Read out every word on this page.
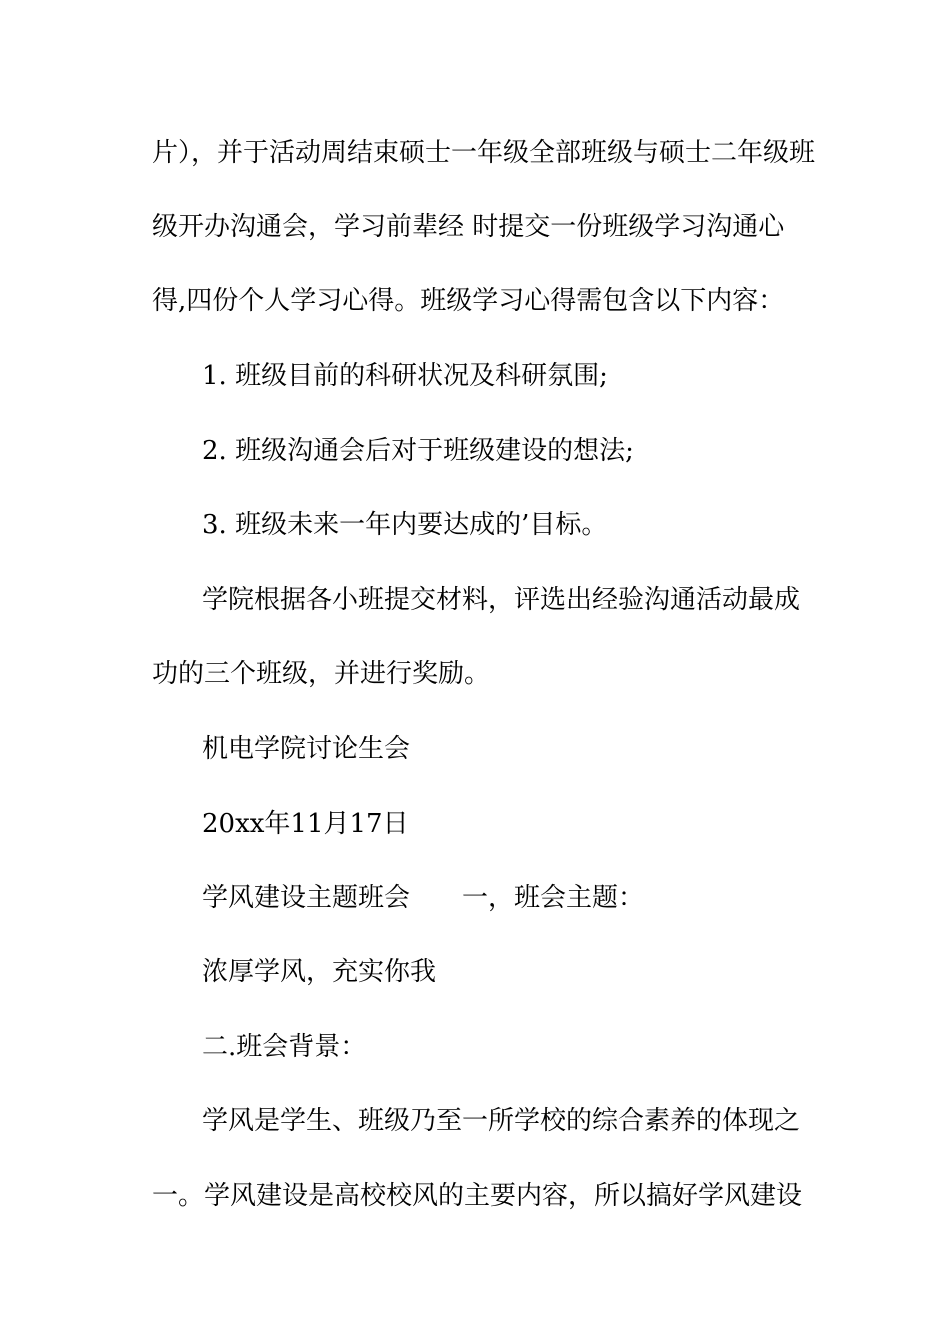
片），并于活动周结束硕士一年级全部班级与硕士二年级班
级开办沟通会，学习前辈经 时提交一份班级学习沟通心
得,四份个人学习心得。班级学习心得需包含以下内容：
1. 班级目前的科研状况及科研氛围;
2. 班级沟通会后对于班级建设的想法;
3. 班级未来一年内要达成的’目标。
学院根据各小班提交材料，评选出经验沟通活动最成
功的三个班级，并进行奖励。
机电学院讨论生会
20xx年11月17日
学风建设主题班会 一，班会主题：
浓厚学风，充实你我
二.班会背景：
学风是学生、班级乃至一所学校的综合素养的体现之
一。学风建设是高校校风的主要内容，所以搞好学风建设
